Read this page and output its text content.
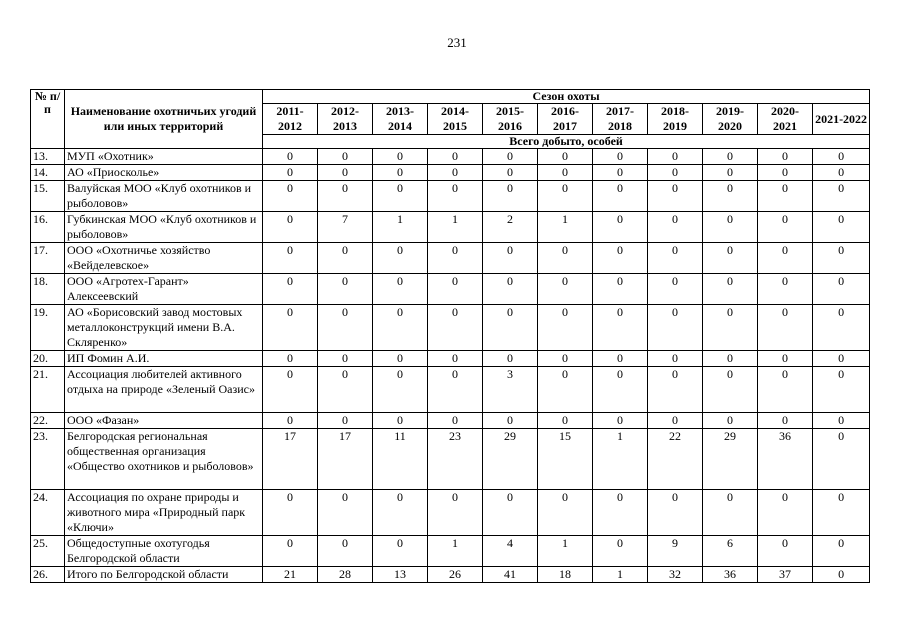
231
№ п/п	Наименование охотничьих угодий или иных территорий	Сезон охоты										
		2011-2012	2012-2013	2013-2014	2014-2015	2015-2016	2016-2017	2017-2018	2018-2019	2019-2020	2020-2021	2021-2022
		Всего добыто, особей										
13.	МУП «Охотник»	0	0	0	0	0	0	0	0	0	0	0
14.	АО «Приосколье»	0	0	0	0	0	0	0	0	0	0	0
15.	Валуйская МОО «Клуб охотников и рыболовов»	0	0	0	0	0	0	0	0	0	0	0
16.	Губкинская МОО «Клуб охотников и рыболовов»	0	7	1	1	2	1	0	0	0	0	0
17.	ООО «Охотничье хозяйство «Вейделевское»	0	0	0	0	0	0	0	0	0	0	0
18.	ООО «Агротех-Гарант» Алексеевский	0	0	0	0	0	0	0	0	0	0	0
19.	АО «Борисовский завод мостовых металлоконструкций имени В.А. Скляренко»	0	0	0	0	0	0	0	0	0	0	0
20.	ИП Фомин А.И.	0	0	0	0	0	0	0	0	0	0	0
21.	Ассоциация любителей активного отдыха на природе «Зеленый Оазис»	0	0	0	0	3	0	0	0	0	0	0
22.	ООО «Фазан»	0	0	0	0	0	0	0	0	0	0	0
23.	Белгородская региональная общественная организация «Общество охотников и рыболовов»	17	17	11	23	29	15	1	22	29	36	0
24.	Ассоциация по охране природы и животного мира «Природный парк «Ключи»	0	0	0	0	0	0	0	0	0	0	0
25.	Общедоступные охотугодья Белгородской области	0	0	0	1	4	1	0	9	6	0	0
26.	Итого по Белгородской области	21	28	13	26	41	18	1	32	36	37	0
